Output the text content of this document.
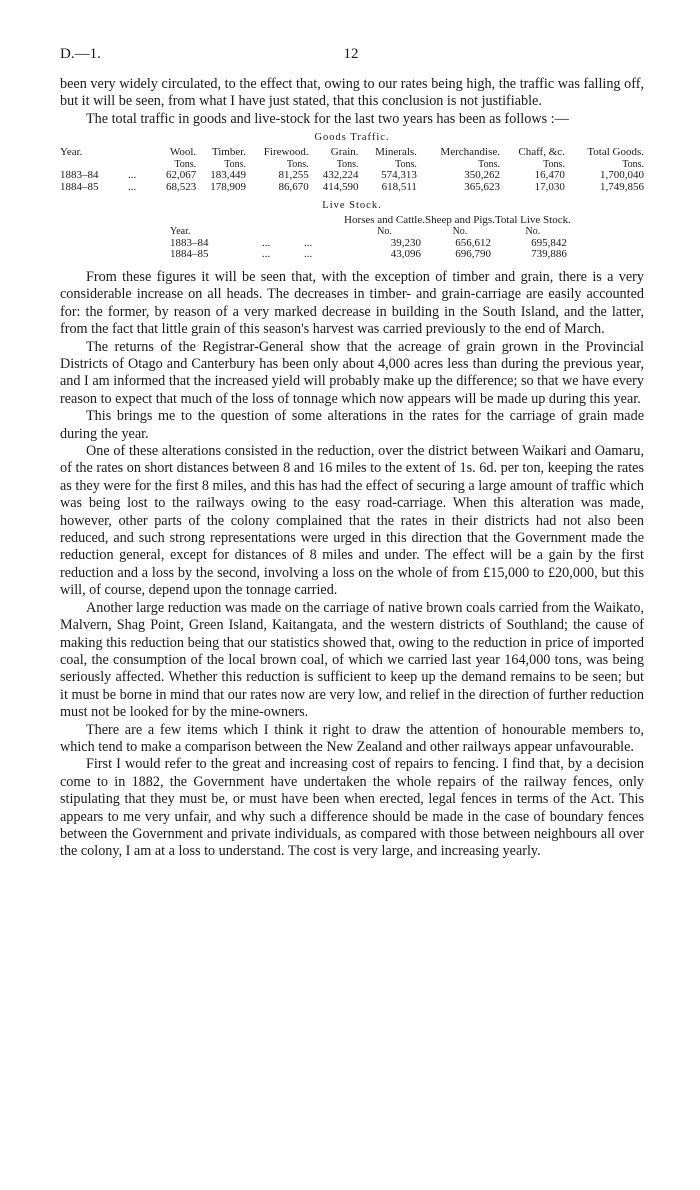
D.—1.	12

been very widely circulated, to the effect that, owing to our rates being high, the traffic was falling off, but it will be seen, from what I have just stated, that this conclusion is not justifiable.

The total traffic in goods and live-stock for the last two years has been as follows :—

Goods Traffic.
Year.		Wool.	Timber.	Firewood.	Grain.	Minerals.	Merchandise.	Chaff, &c.	Total Goods.
		Tons.	Tons.	Tons.	Tons.	Tons.	Tons.	Tons.	Tons.
1883–84	...	62,067	183,449	81,255	432,224	574,313	350,262	16,470	1,700,040
1884–85	...	68,523	178,909	86,670	414,590	618,511	365,623	17,030	1,749,856
Live Stock.
			Horses and Cattle.	Sheep and Pigs.	Total Live Stock.
Year.			No.	No.	No.
1883–84	...	...	39,230	656,612	695,842
1884–85	...	...	43,096	696,790	739,886

From these figures it will be seen that, with the exception of timber and grain, there is a very considerable increase on all heads. The decreases in timber- and grain-carriage are easily accounted for: the former, by reason of a very marked decrease in building in the South Island, and the latter, from the fact that little grain of this season's harvest was carried previously to the end of March.

The returns of the Registrar-General show that the acreage of grain grown in the Provincial Districts of Otago and Canterbury has been only about 4,000 acres less than during the previous year, and I am informed that the increased yield will probably make up the difference; so that we have every reason to expect that much of the loss of tonnage which now appears will be made up during this year.

This brings me to the question of some alterations in the rates for the carriage of grain made during the year.

One of these alterations consisted in the reduction, over the district between Waikari and Oamaru, of the rates on short distances between 8 and 16 miles to the extent of 1s. 6d. per ton, keeping the rates as they were for the first 8 miles, and this has had the effect of securing a large amount of traffic which was being lost to the railways owing to the easy road-carriage. When this alteration was made, however, other parts of the colony complained that the rates in their districts had not also been reduced, and such strong representations were urged in this direction that the Government made the reduction general, except for distances of 8 miles and under. The effect will be a gain by the first reduction and a loss by the second, involving a loss on the whole of from £15,000 to £20,000, but this will, of course, depend upon the tonnage carried.

Another large reduction was made on the carriage of native brown coals carried from the Waikato, Malvern, Shag Point, Green Island, Kaitangata, and the western districts of Southland; the cause of making this reduction being that our statistics showed that, owing to the reduction in price of imported coal, the consumption of the local brown coal, of which we carried last year 164,000 tons, was being seriously affected. Whether this reduction is sufficient to keep up the demand remains to be seen; but it must be borne in mind that our rates now are very low, and relief in the direction of further reduction must not be looked for by the mine-owners.

There are a few items which I think it right to draw the attention of honourable members to, which tend to make a comparison between the New Zealand and other railways appear unfavourable.

First I would refer to the great and increasing cost of repairs to fencing. I find that, by a decision come to in 1882, the Government have undertaken the whole repairs of the railway fences, only stipulating that they must be, or must have been when erected, legal fences in terms of the Act. This appears to me very unfair, and why such a difference should be made in the case of boundary fences between the Government and private individuals, as compared with those between neighbours all over the colony, I am at a loss to understand. The cost is very large, and increasing yearly.
